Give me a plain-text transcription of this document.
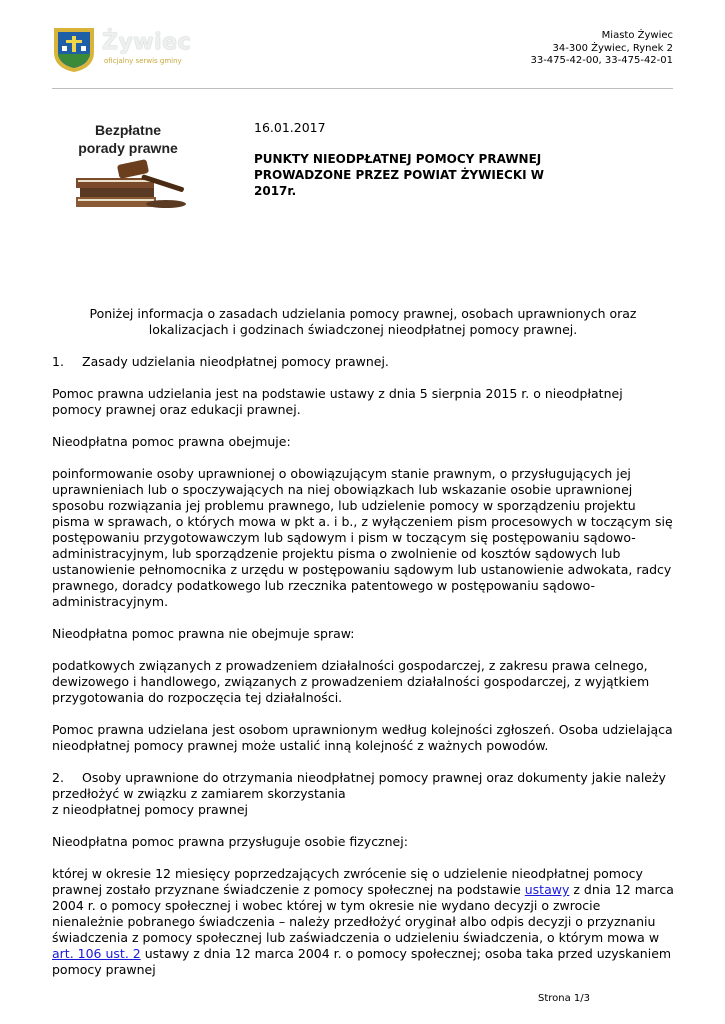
Żywiec
oficjalny serwis gminy
Miasto Żywiec
34-300 Żywiec, Rynek 2
33-475-42-00, 33-475-42-01
Bezpłatne
porady prawne
16.01.2017
PUNKTY NIEODPŁATNEJ POMOCY PRAWNEJ PROWADZONE PRZEZ POWIAT ŻYWIECKI W 2017r.

Poniżej informacja o zasadach udzielania pomocy prawnej, osobach uprawnionych oraz lokalizacjach i godzinach świadczonej nieodpłatnej pomocy prawnej.

1. Zasady udzielania nieodpłatnej pomocy prawnej.

Pomoc prawna udzielania jest na podstawie ustawy z dnia 5 sierpnia 2015 r. o nieodpłatnej pomocy prawnej oraz edukacji prawnej.

Nieodpłatna pomoc prawna obejmuje:

poinformowanie osoby uprawnionej o obowiązującym stanie prawnym, o przysługujących jej uprawnieniach lub o spoczywających na niej obowiązkach lub wskazanie osobie uprawnionej sposobu rozwiązania jej problemu prawnego, lub udzielenie pomocy w sporządzeniu projektu pisma w sprawach, o których mowa w pkt a. i b., z wyłączeniem pism procesowych w toczącym się postępowaniu przygotowawczym lub sądowym i pism w toczącym się postępowaniu sądowo-administracyjnym, lub sporządzenie projektu pisma o zwolnienie od kosztów sądowych lub ustanowienie pełnomocnika z urzędu w postępowaniu sądowym lub ustanowienie adwokata, radcy prawnego, doradcy podatkowego lub rzecznika patentowego w postępowaniu sądowo-administracyjnym.

Nieodpłatna pomoc prawna nie obejmuje spraw:

podatkowych związanych z prowadzeniem działalności gospodarczej, z zakresu prawa celnego, dewizowego i handlowego, związanych z prowadzeniem działalności gospodarczej, z wyjątkiem przygotowania do rozpoczęcia tej działalności.

Pomoc prawna udzielana jest osobom uprawnionym według kolejności zgłoszeń. Osoba udzielająca nieodpłatnej pomocy prawnej może ustalić inną kolejność z ważnych powodów.

2. Osoby uprawnione do otrzymania nieodpłatnej pomocy prawnej oraz dokumenty jakie należy przedłożyć w związku z zamiarem skorzystania
z nieodpłatnej pomocy prawnej

Nieodpłatna pomoc prawna przysługuje osobie fizycznej:

której w okresie 12 miesięcy poprzedzających zwrócenie się o udzielenie nieodpłatnej pomocy prawnej zostało przyznane świadczenie z pomocy społecznej na podstawie ustawy z dnia 12 marca 2004 r. o pomocy społecznej i wobec której w tym okresie nie wydano decyzji o zwrocie nienależnie pobranego świadczenia – należy przedłożyć oryginał albo odpis decyzji o przyznaniu świadczenia z pomocy społecznej lub zaświadczenia o udzieleniu świadczenia, o którym mowa w art. 106 ust. 2 ustawy z dnia 12 marca 2004 r. o pomocy społecznej; osoba taka przed uzyskaniem pomocy prawnej

Strona 1/3
